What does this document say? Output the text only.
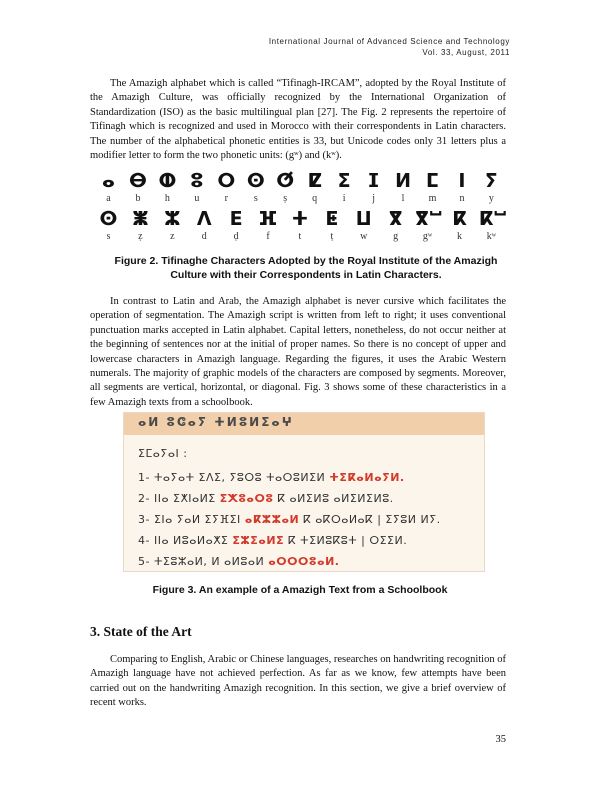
International Journal of Advanced Science and Technology
Vol. 33, August, 2011

The Amazigh alphabet which is called “Tifinagh-IRCAM”, adopted by the Royal Institute of the Amazigh Culture, was officially recognized by the International Organization of Standardization (ISO) as the basic multilingual plan [27]. The Fig. 2 represents the repertoire of Tifinagh which is recognized and used in Morocco with their correspondents in Latin characters. The number of the alphabetical phonetic entities is 33, but Unicode codes only 31 letters plus a modifier letter to form the two phonetic units: (gʷ) and (kʷ).

ⴰ
a
ⴱ
b
ⵀ
h
ⵓ
u
ⵔ
r
ⵙ
s
ⵚ
ṣ
ⵇ
q
ⵉ
i
ⵊ
j
ⵍ
l
ⵎ
m
ⵏ
n
ⵢ
y
ⵙ
s
ⵥ
ẓ
ⵣ
z
ⴷ
d
ⴹ
ḍ
ⴼ
f
ⵜ
t
ⵟ
ṭ
ⵡ
w
ⴳ
g
ⴳⵯ
gʷ
ⴽ
k
ⴽⵯ
kʷ

Figure 2. Tifinaghe Characters Adopted by the Royal Institute of the Amazigh Culture with their Correspondents in Latin Characters.

In contrast to Latin and Arab, the Amazigh alphabet is never cursive which facilitates the operation of segmentation. The Amazigh script is written from left to right; it uses conventional punctuation marks accepted in Latin alphabet. Capital letters, nonetheless, do not occur neither at the beginning of sentences nor at the initial of proper names. So there is no concept of upper and lowercase characters in Amazigh language. Regarding the figures, it uses the Arabic Western numerals. The majority of graphic models of the characters are composed by segments. Moreover, all segments are vertical, horizontal, or diagonal. Fig. 3 shows some of these characteristics in a few Amazigh texts from a schoolbook.

ⴰⵍ ⵓⵛⴰⵢ ⵜⵍⵓⵍⵉⴰⵖ
ⵉⵎⴰⵢⴰⵏ :
1- ⵜⴰⵢⴰⵜ ⵉⴷⵉ, ⵢⵓⵔⵓ ⵜⴰⵔⵓⵍⵉⵍ ⵜⵉⴽⴰⵍⴰⵢⵍ.
2- ⵏⵏⴰ ⵉⵅⵏⴰⵍⵉ ⵉⵅⵓⴰⵔⵓ ⴽ ⴰⵍⵉⵍⵓ ⴰⵍⵉⵍⵉⵍⵓ.
3- ⵉⵏⴰ ⵢⴰⵍ ⵉⵢⴼⵉⵏ ⴰⴽⵣⵣⴰⵍ ⴽ ⴰⴽⵔⴰⵍⴰⴽ | ⵉⵢⵓⵍ ⵍⵢ.
4- ⵏⵏⴰ ⵍⵓⴰⵍⴰⵅⵉ ⵉⵣⵉⴰⵍⵉ ⴽ ⵜⵉⵍⵓⴽⵓⵜ | ⵔⵉⵉⵍ.
5- ⵜⵉⵓⵣⴰⵍ, ⵍ ⴰⵍⵓⴰⵍ ⴰⵔⵔⵔⵓⴰⵍ.

Figure 3. An example of a Amazigh Text from a Schoolbook

3. State of the Art

Comparing to English, Arabic or Chinese languages, researches on handwriting recognition of Amazigh language have not achieved perfection. As far as we know, few attempts have been carried out on the handwriting Amazigh recognition. In this section, we give a brief overview of recent works.

35
